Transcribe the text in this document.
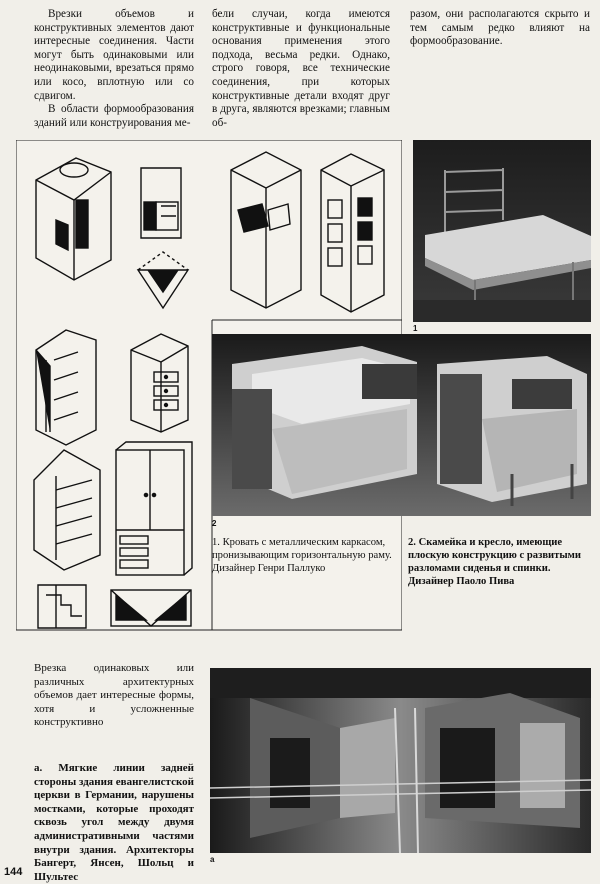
Врезки объемов и конструктивных элементов дают интересные соединения. Части могут быть одинаковыми или неодинаковыми, врезаться прямо или косо, вплотную или со сдвигом.

В области формообразования зданий или конструирования ме-

бели случаи, когда имеются конструктивные и функциональные основания применения этого подхода, весьма редки. Однако, строго говоря, все технические соединения, при которых конструктивные детали входят друг в друга, являются врезками; главным об-

разом, они располагаются скрыто и тем самым редко влияют на формообразование.

1
2
1. Кровать с металлическим каркасом, пронизывающим горизонтальную раму. Дизайнер Генри Паллуко
2. Скамейка и кресло, имеющие плоскую конструкцию с развитыми разломами сиденья и спинки. Дизайнер Паоло Пива
Врезка одинаковых или различных архитектурных объемов дает интересные формы, хотя и усложненные конструктивно
a. Мягкие линии задней стороны здания евангелистской церкви в Германии, нарушены мостками, которые проходят сквозь угол между двумя административными частями внутри здания. Архитекторы Бангерт, Янсен, Шольц и Шультес
a
144
